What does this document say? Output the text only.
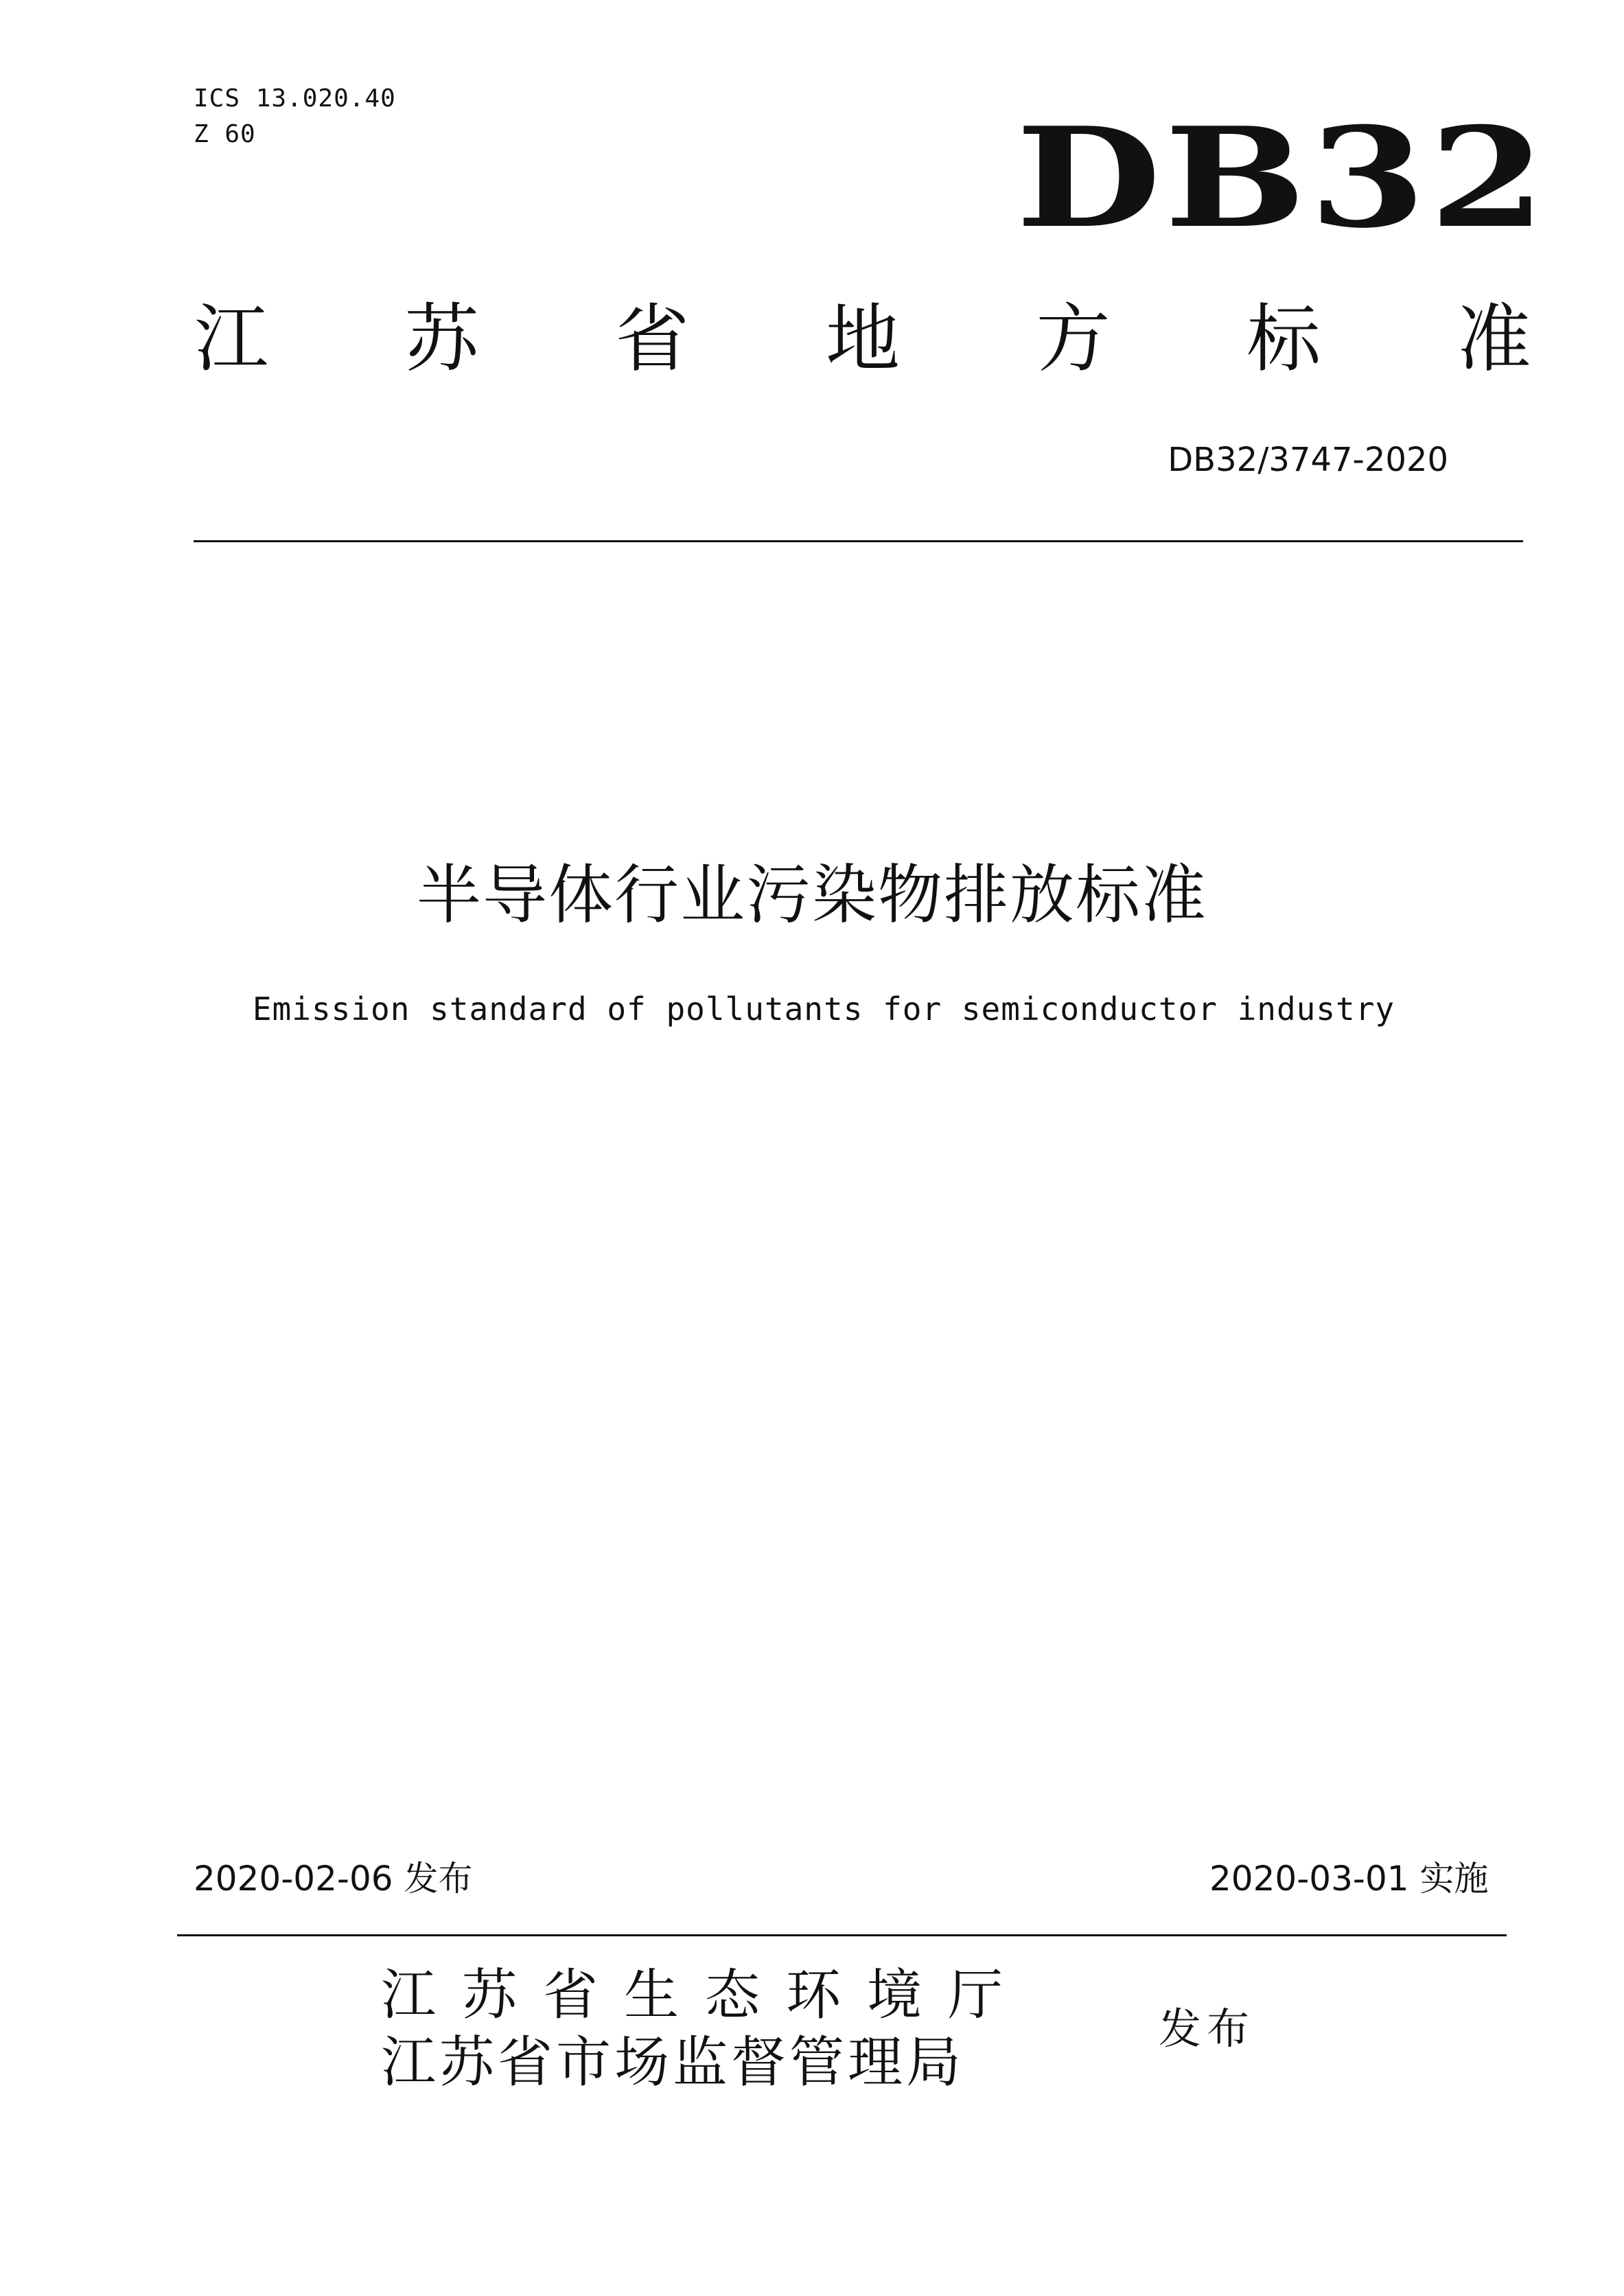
ICS 13.020.40
Z 60	DB32
江 苏 省 地 方 标 准
DB32/3747-2020
半导体行业污染物排放标准
Emission standard of pollutants for semiconductor industry
2020-02-06 发布	2020-03-01 实施
江苏省生态环境厅
江苏省市场监督管理局
发布
